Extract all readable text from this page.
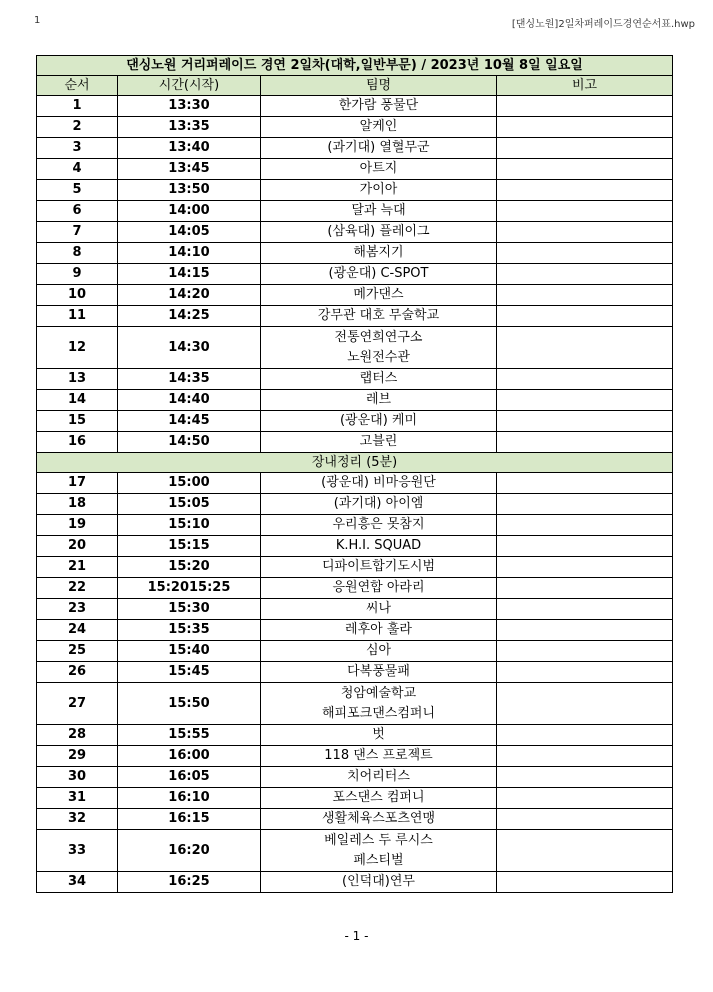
1	[댄싱노원]2일차퍼레이드경연순서표.hwp
댄싱노원 거리퍼레이드 경연 2일차(대학,일반부문) / 2023년 10월 8일 일요일			
순서	시간(시작)	팀명	비고
1	13:30	한가람 풍물단	

2	13:35	알케인	

3	13:40	(과기대) 열혈무군	

4	13:45	아트지	

5	13:50	가이아	

6	14:00	달과 늑대	

7	14:05	(삼육대) 플레이그	

8	14:10	해봄지기	

9	14:15	(광운대) C-SPOT	

10	14:20	메가댄스	

11	14:25	강무관 대호 무술학교	

12	14:30	전통연희연구소
노원전수관	

13	14:35	랩터스	

14	14:40	레브	

15	14:45	(광운대) 케미	

16	14:50	고블린	

장내정리 (5분)			
17	15:00	(광운대) 비마응원단	

18	15:05	(과기대) 아이엠	

19	15:10	우리흥은 못참지	

20	15:15	K.H.I. SQUAD	

21	15:20	디파이트합기도시범	

22	15:2015:25	응원연합 아라리	

23	15:30	씨나	

24	15:35	레후아 훌라	

25	15:40	심아	

26	15:45	다복풍물패	

27	15:50	청암예술학교
해피포크댄스컴퍼니	

28	15:55	벗	

29	16:00	118 댄스 프로젝트	

30	16:05	치어리터스	

31	16:10	포스댄스 컴퍼니	

32	16:15	생활체육스포츠연맹	

33	16:20	베일레스 두 루시스
페스티벌	

34	16:25	(인덕대)연무	

- 1 -
